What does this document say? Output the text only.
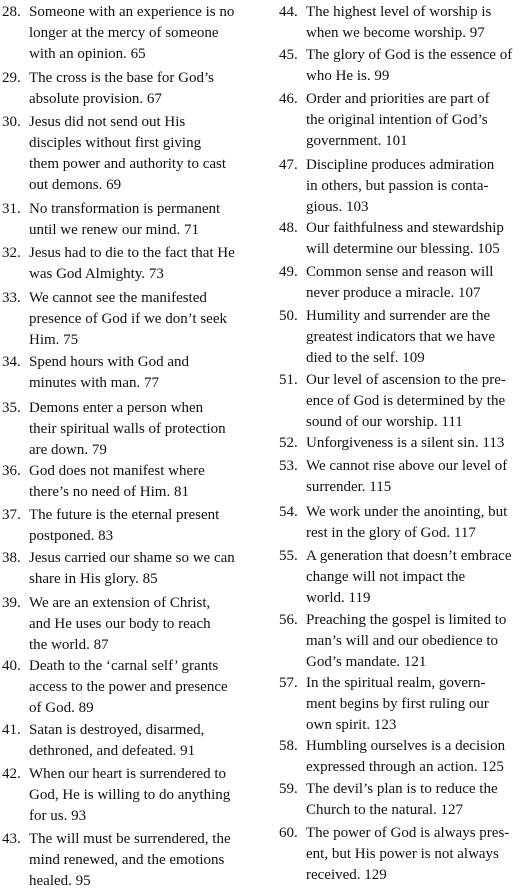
28. Someone with an experience is no
longer at the mercy of someone
with an opinion. 65
29. The cross is the base for God’s
absolute provision. 67
30. Jesus did not send out His
disciples without first giving
them power and authority to cast
out demons. 69
31. No transformation is permanent
until we renew our mind. 71
32. Jesus had to die to the fact that He
was God Almighty. 73
33. We cannot see the manifested
presence of God if we don’t seek
Him. 75
34. Spend hours with God and
minutes with man. 77
35. Demons enter a person when
their spiritual walls of protection
are down. 79
36. God does not manifest where
there’s no need of Him. 81
37. The future is the eternal present
postponed. 83
38. Jesus carried our shame so we can
share in His glory. 85
39. We are an extension of Christ,
and He uses our body to reach
the world. 87
40. Death to the ‘carnal self’ grants
access to the power and presence
of God. 89
41. Satan is destroyed, disarmed,
dethroned, and defeated. 91
42. When our heart is surrendered to
God, He is willing to do anything
for us. 93
43. The will must be surrendered, the
mind renewed, and the emotions
healed. 95
44. The highest level of worship is
when we become worship. 97
45. The glory of God is the essence of
who He is. 99
46. Order and priorities are part of
the original intention of God’s
government. 101
47. Discipline produces admiration
in others, but passion is conta-
gious. 103
48. Our faithfulness and stewardship
will determine our blessing. 105
49. Common sense and reason will
never produce a miracle. 107
50. Humility and surrender are the
greatest indicators that we have
died to the self. 109
51. Our level of ascension to the pre-
ence of God is determined by the
sound of our worship. 111
52. Unforgiveness is a silent sin. 113
53. We cannot rise above our level of
surrender. 115
54. We work under the anointing, but
rest in the glory of God. 117
55. A generation that doesn’t embrace
change will not impact the
world. 119
56. Preaching the gospel is limited to
man’s will and our obedience to
God’s mandate. 121
57. In the spiritual realm, govern-
ment begins by first ruling our
own spirit. 123
58. Humbling ourselves is a decision
expressed through an action. 125
59. The devil’s plan is to reduce the
Church to the natural. 127
60. The power of God is always pres-
ent, but His power is not always
received. 129
